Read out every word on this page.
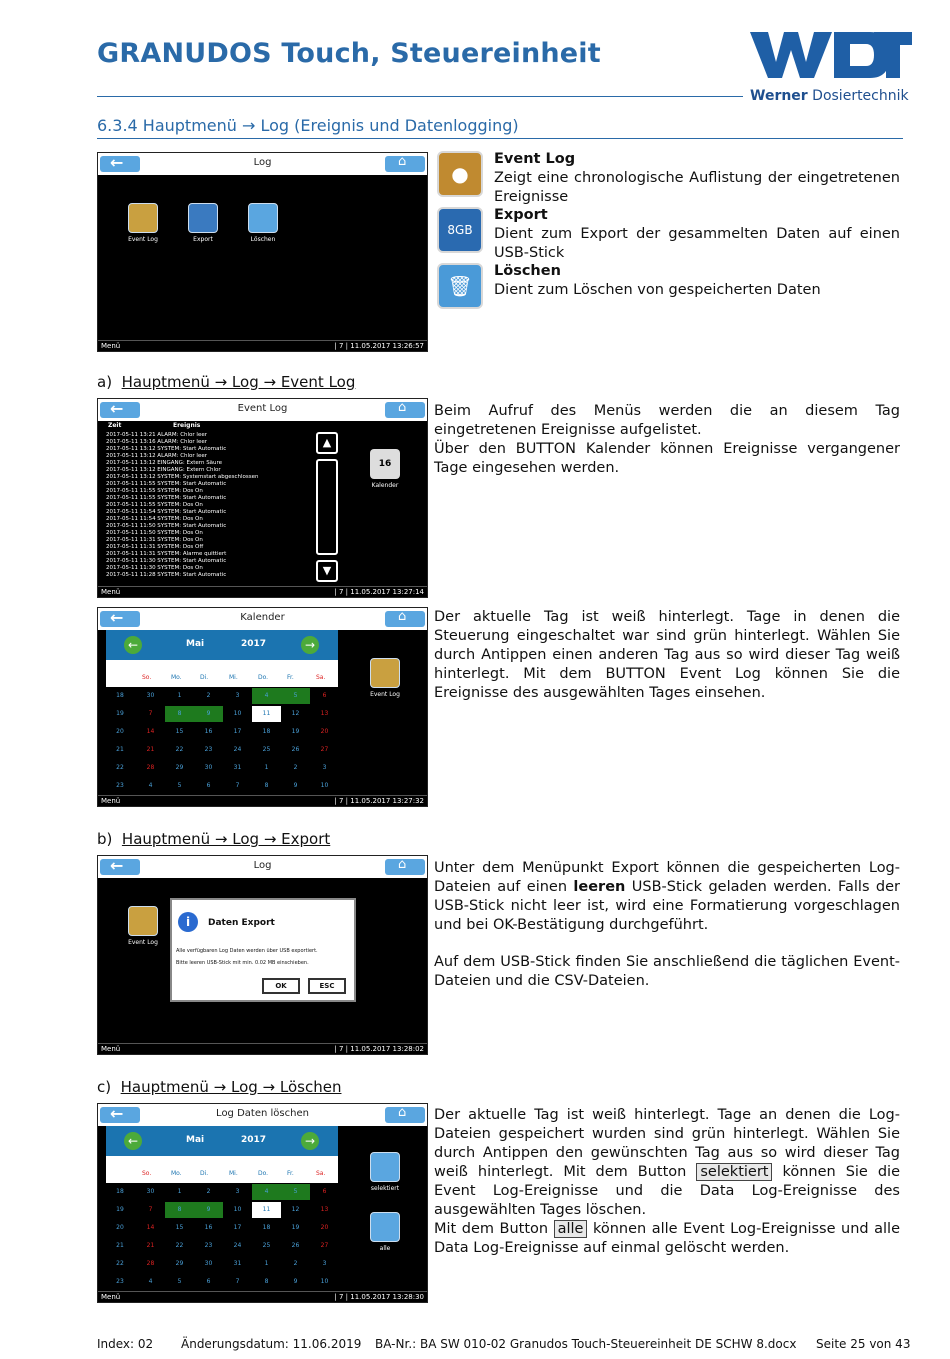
GRANUDOS Touch, Steuereinheit
Werner Dosiertechnik
6.3.4 Hauptmenü → Log (Ereignis und Datenlogging)
←
Log
⌂
Event Log	Export	Löschen
Menü	| 7 | 11.05.2017 13:26:57
●
Event Log
Zeigt eine chronologische Auflistung der eingetretenen Ereignisse
8GB
Export
Dient zum Export der gesammelten Daten auf einen USB-Stick
🗑
Löschen
Dient zum Löschen von gespeicherten Daten
a) Hauptmenü → Log → Event Log
←
Event Log
⌂
Zeit	Ereignis
2017-05-11 13:21 ALARM: Chlor leer
2017-05-11 13:16 ALARM: Chlor leer
2017-05-11 13:12 SYSTEM: Start Automatic
2017-05-11 13:12 ALARM: Chlor leer
2017-05-11 13:12 EINGANG: Extern Säure
2017-05-11 13:12 EINGANG: Extern Chlor
2017-05-11 13:12 SYSTEM: Systemstart abgeschlossen
2017-05-11 11:55 SYSTEM: Start Automatic
2017-05-11 11:55 SYSTEM: Dos On
2017-05-11 11:55 SYSTEM: Start Automatic
2017-05-11 11:55 SYSTEM: Dos On
2017-05-11 11:54 SYSTEM: Start Automatic
2017-05-11 11:54 SYSTEM: Dos On
2017-05-11 11:50 SYSTEM: Start Automatic
2017-05-11 11:50 SYSTEM: Dos On
2017-05-11 11:31 SYSTEM: Dos On
2017-05-11 11:31 SYSTEM: Dos Off
2017-05-11 11:31 SYSTEM: Alarme quittiert
2017-05-11 11:30 SYSTEM: Start Automatic
2017-05-11 11:30 SYSTEM: Dos On
2017-05-11 11:28 SYSTEM: Start Automatic
▲
▼
16
Kalender
Menü	| 7 | 11.05.2017 13:27:14
Beim Aufruf des Menüs werden die an diesem Tag eingetretenen Ereignisse aufgelistet.
Über den BUTTON Kalender können Ereignisse vergangener Tage eingesehen werden.
←
Kalender
⌂
←	Mai	2017	→
So.	Mo.	Di.	Mi.	Do.	Fr.	Sa.
18	30	1	2	3	4	5	6
19	7	8	9	10	11	12	13
20	14	15	16	17	18	19	20
21	21	22	23	24	25	26	27
22	28	29	30	31	1	2	3
23	4	5	6	7	8	9	10
Event Log
Menü	| 7 | 11.05.2017 13:27:32
Der aktuelle Tag ist weiß hinterlegt. Tage in denen die Steuerung eingeschaltet war sind grün hinterlegt. Wählen Sie durch Antippen einen anderen Tag aus so wird dieser Tag weiß hinterlegt. Mit dem BUTTON Event Log können Sie die Ereignisse des ausgewählten Tages einsehen.
b) Hauptmenü → Log → Export
←
Log
⌂
Event Log
i	Daten Export
Alle verfügbaren Log Daten werden über USB exportiert.
Bitte leeren USB-Stick mit min. 0.02 MB einschieben.
OK	ESC
Menü	| 7 | 11.05.2017 13:28:02
Unter dem Menüpunkt Export können die gespeicherten Log-Dateien auf einen leeren USB-Stick geladen werden. Falls der USB-Stick nicht leer ist, wird eine Formatierung vorgeschlagen und bei OK-Bestätigung durchgeführt.
Auf dem USB-Stick finden Sie anschließend die täglichen Event-Dateien und die CSV-Dateien.
c) Hauptmenü → Log → Löschen
←
Log Daten löschen
⌂
←	Mai	2017	→
So.	Mo.	Di.	Mi.	Do.	Fr.	Sa.
18	30	1	2	3	4	5	6
19	7	8	9	10	11	12	13
20	14	15	16	17	18	19	20
21	21	22	23	24	25	26	27
22	28	29	30	31	1	2	3
23	4	5	6	7	8	9	10
selektiert
alle
Menü	| 7 | 11.05.2017 13:28:30
Der aktuelle Tag ist weiß hinterlegt. Tage an denen die Log-Dateien gespeichert wurden sind grün hinterlegt. Wählen Sie durch Antippen den gewünschten Tag aus so wird dieser Tag weiß hinterlegt. Mit dem Button selektiert können Sie die Event Log-Ereignisse und die Data Log-Ereignisse des ausgewählten Tages löschen.
Mit dem Button alle können alle Event Log-Ereignisse und alle Data Log-Ereignisse auf einmal gelöscht werden.
Index: 02 Änderungsdatum: 11.06.2019 BA-Nr.: BA SW 010-02 Granudos Touch-Steuereinheit DE SCHW 8.docx Seite 25 von 43
